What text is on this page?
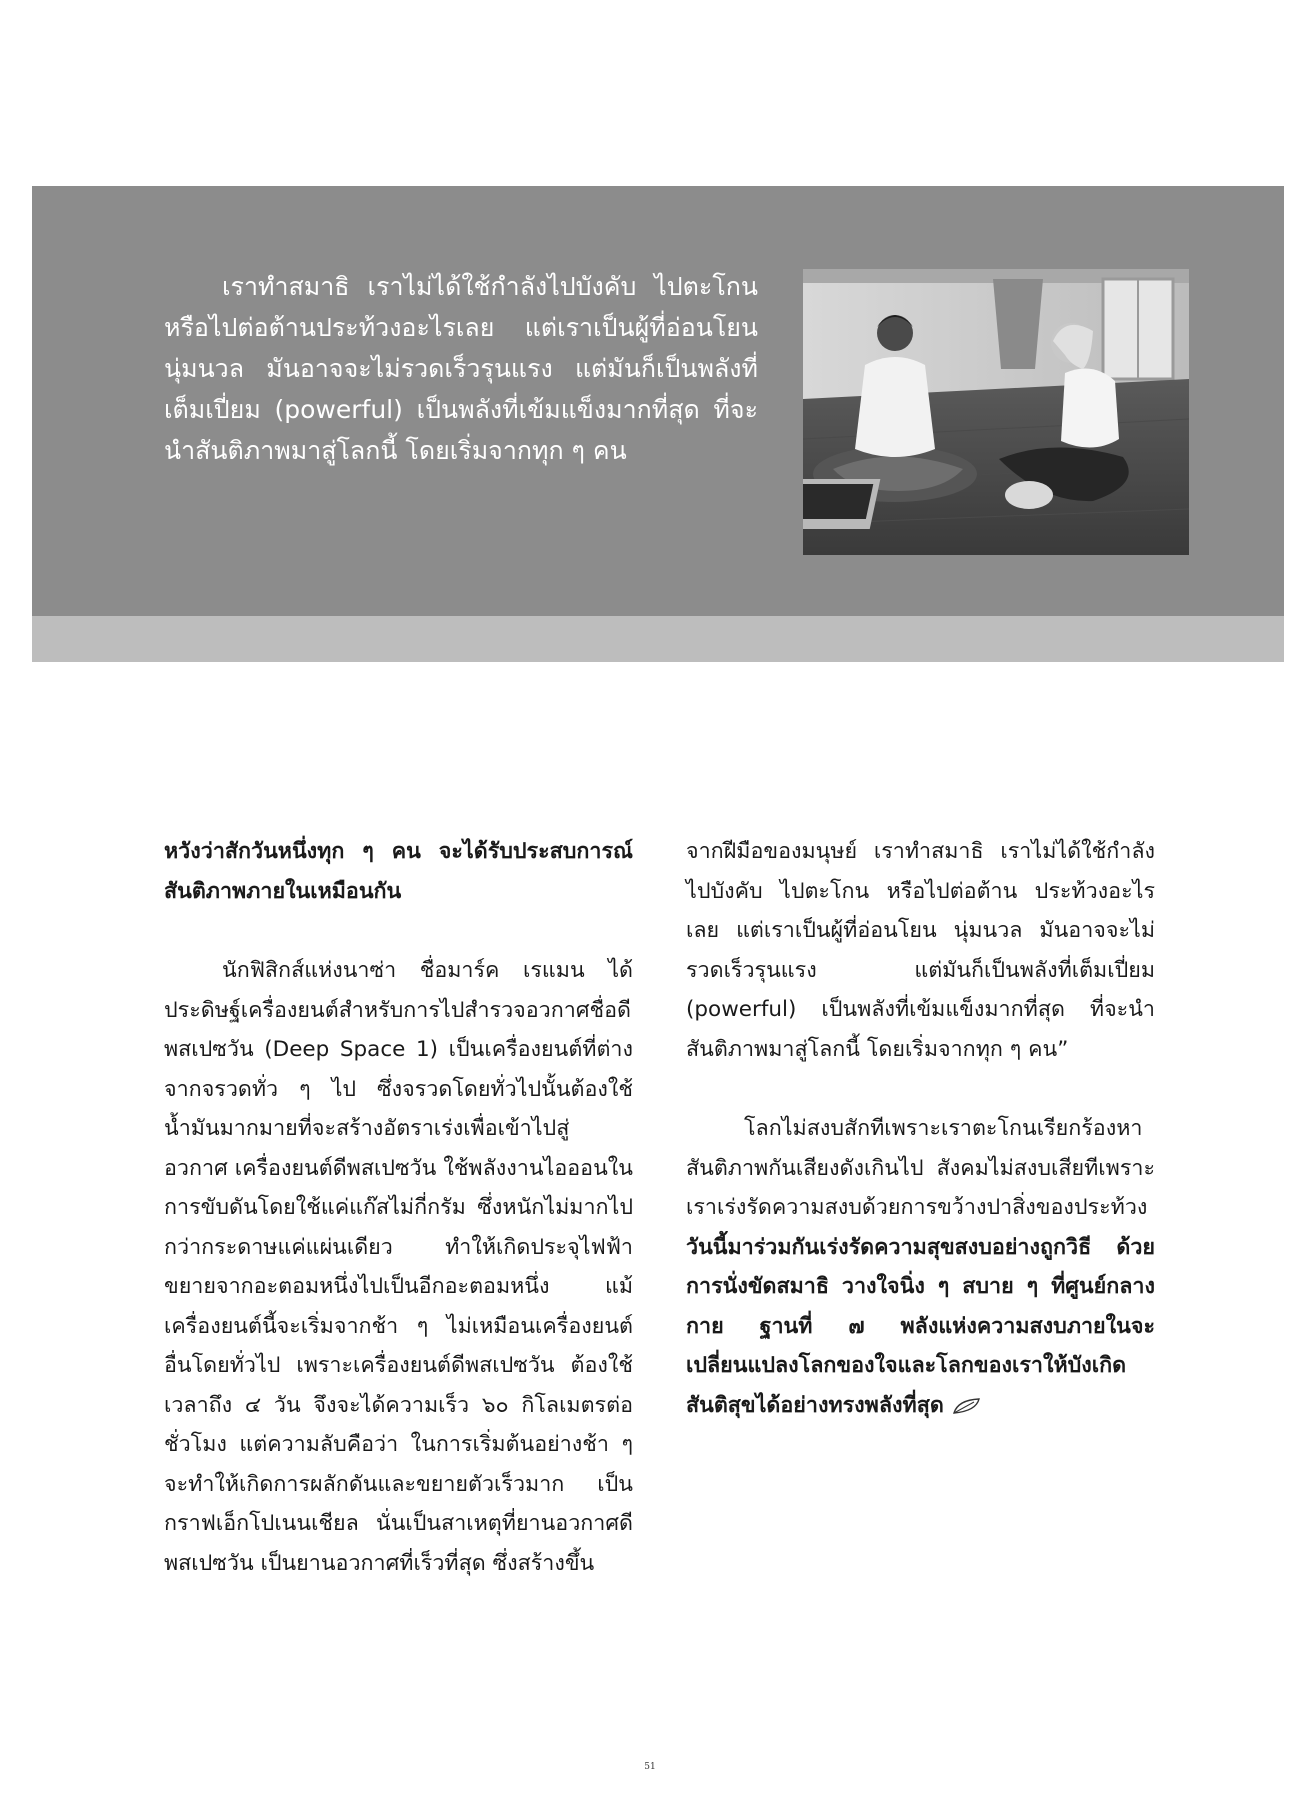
เราทำสมาธิ เราไม่ได้ใช้กำลังไปบังคับ ไปตะโกน หรือไปต่อต้านประท้วงอะไรเลย แต่เราเป็นผู้ที่อ่อนโยน นุ่มนวล มันอาจจะไม่รวดเร็วรุนแรง แต่มันก็เป็นพลังที่เต็มเปี่ยม (powerful) เป็นพลังที่เข้มแข็งมากที่สุด ที่จะนำสันติภาพมาสู่โลกนี้ โดยเริ่มจากทุก ๆ คน

หวังว่าสักวันหนึ่งทุก ๆ คน จะได้รับประสบการณ์สันติภาพภายในเหมือนกัน

นักฟิสิกส์แห่งนาซ่า ชื่อมาร์ค เรแมน ได้ประดิษฐ์เครื่องยนต์สำหรับการไปสำรวจอวกาศชื่อดีพสเปซวัน (Deep Space 1) เป็นเครื่องยนต์ที่ต่างจากจรวดทั่ว ๆ ไป ซึ่งจรวดโดยทั่วไปนั้นต้องใช้น้ำมันมากมายที่จะสร้างอัตราเร่งเพื่อเข้าไปสู่อวกาศ เครื่องยนต์ดีพสเปซวัน ใช้พลังงานไอออนในการขับดันโดยใช้แค่แก๊สไม่กี่กรัม ซึ่งหนักไม่มากไปกว่ากระดาษแค่แผ่นเดียว ทำให้เกิดประจุไฟฟ้าขยายจากอะตอมหนึ่งไปเป็นอีกอะตอมหนึ่ง แม้เครื่องยนต์นี้จะเริ่มจากช้า ๆ ไม่เหมือนเครื่องยนต์อื่นโดยทั่วไป เพราะเครื่องยนต์ดีพสเปซวัน ต้องใช้เวลาถึง ๔ วัน จึงจะได้ความเร็ว ๖๐ กิโลเมตรต่อชั่วโมง แต่ความลับคือว่า ในการเริ่มต้นอย่างช้า ๆ จะทำให้เกิดการผลักดันและขยายตัวเร็วมาก เป็นกราฟเอ็กโปเนนเชียล นั่นเป็นสาเหตุที่ยานอวกาศดีพสเปซวัน เป็นยานอวกาศที่เร็วที่สุด ซึ่งสร้างขึ้น

จากฝีมือของมนุษย์ เราทำสมาธิ เราไม่ได้ใช้กำลังไปบังคับ ไปตะโกน หรือไปต่อต้าน ประท้วงอะไรเลย แต่เราเป็นผู้ที่อ่อนโยน นุ่มนวล มันอาจจะไม่รวดเร็วรุนแรง แต่มันก็เป็นพลังที่เต็มเปี่ยม (powerful) เป็นพลังที่เข้มแข็งมากที่สุด ที่จะนำสันติภาพมาสู่โลกนี้ โดยเริ่มจากทุก ๆ คน”

โลกไม่สงบสักทีเพราะเราตะโกนเรียกร้องหาสันติภาพกันเสียงดังเกินไป สังคมไม่สงบเสียทีเพราะเราเร่งรัดความสงบด้วยการขว้างปาสิ่งของประท้วง วันนี้มาร่วมกันเร่งรัดความสุขสงบอย่างถูกวิธี ด้วยการนั่งขัดสมาธิ วางใจนิ่ง ๆ สบาย ๆ ที่ศูนย์กลางกาย ฐานที่ ๗ พลังแห่งความสงบภายในจะเปลี่ยนแปลงโลกของใจและโลกของเราให้บังเกิดสันติสุขได้อย่างทรงพลังที่สุด

51
